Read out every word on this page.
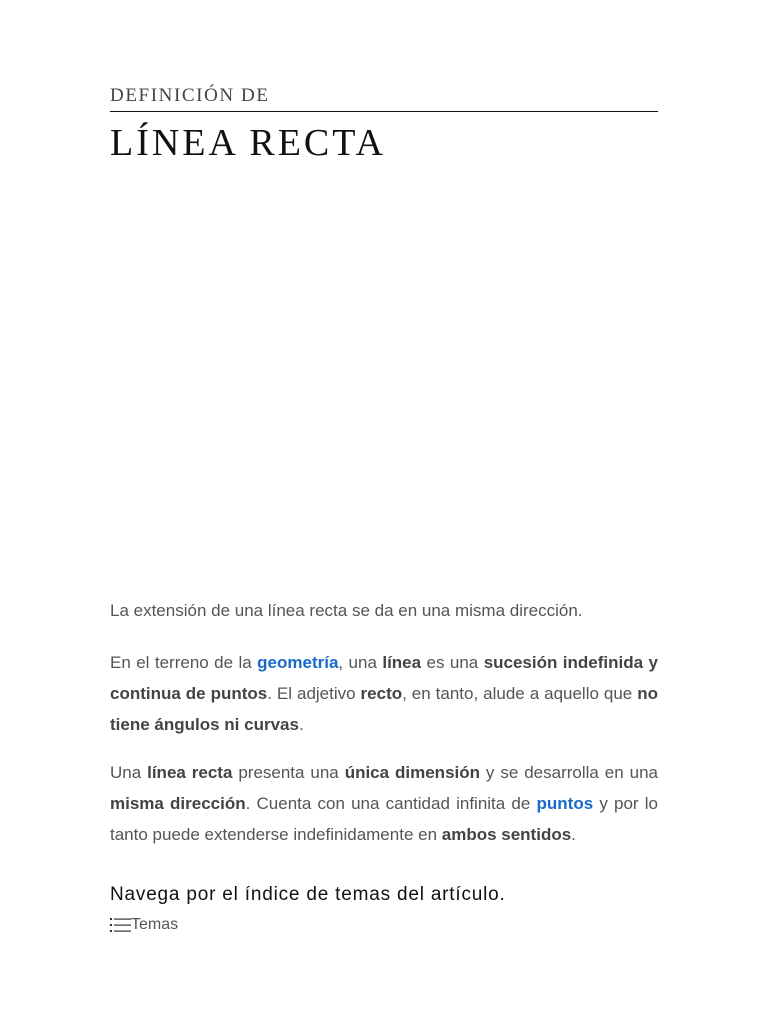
DEFINICIÓN DE
LÍNEA RECTA

La extensión de una línea recta se da en una misma dirección.

En el terreno de la geometría, una línea es una sucesión indefinida y continua de puntos. El adjetivo recto, en tanto, alude a aquello que no tiene ángulos ni curvas.

Una línea recta presenta una única dimensión y se desarrolla en una misma dirección. Cuenta con una cantidad infinita de puntos y por lo tanto puede extenderse indefinidamente en ambos sentidos.

Navega por el índice de temas del artículo.
Temas
